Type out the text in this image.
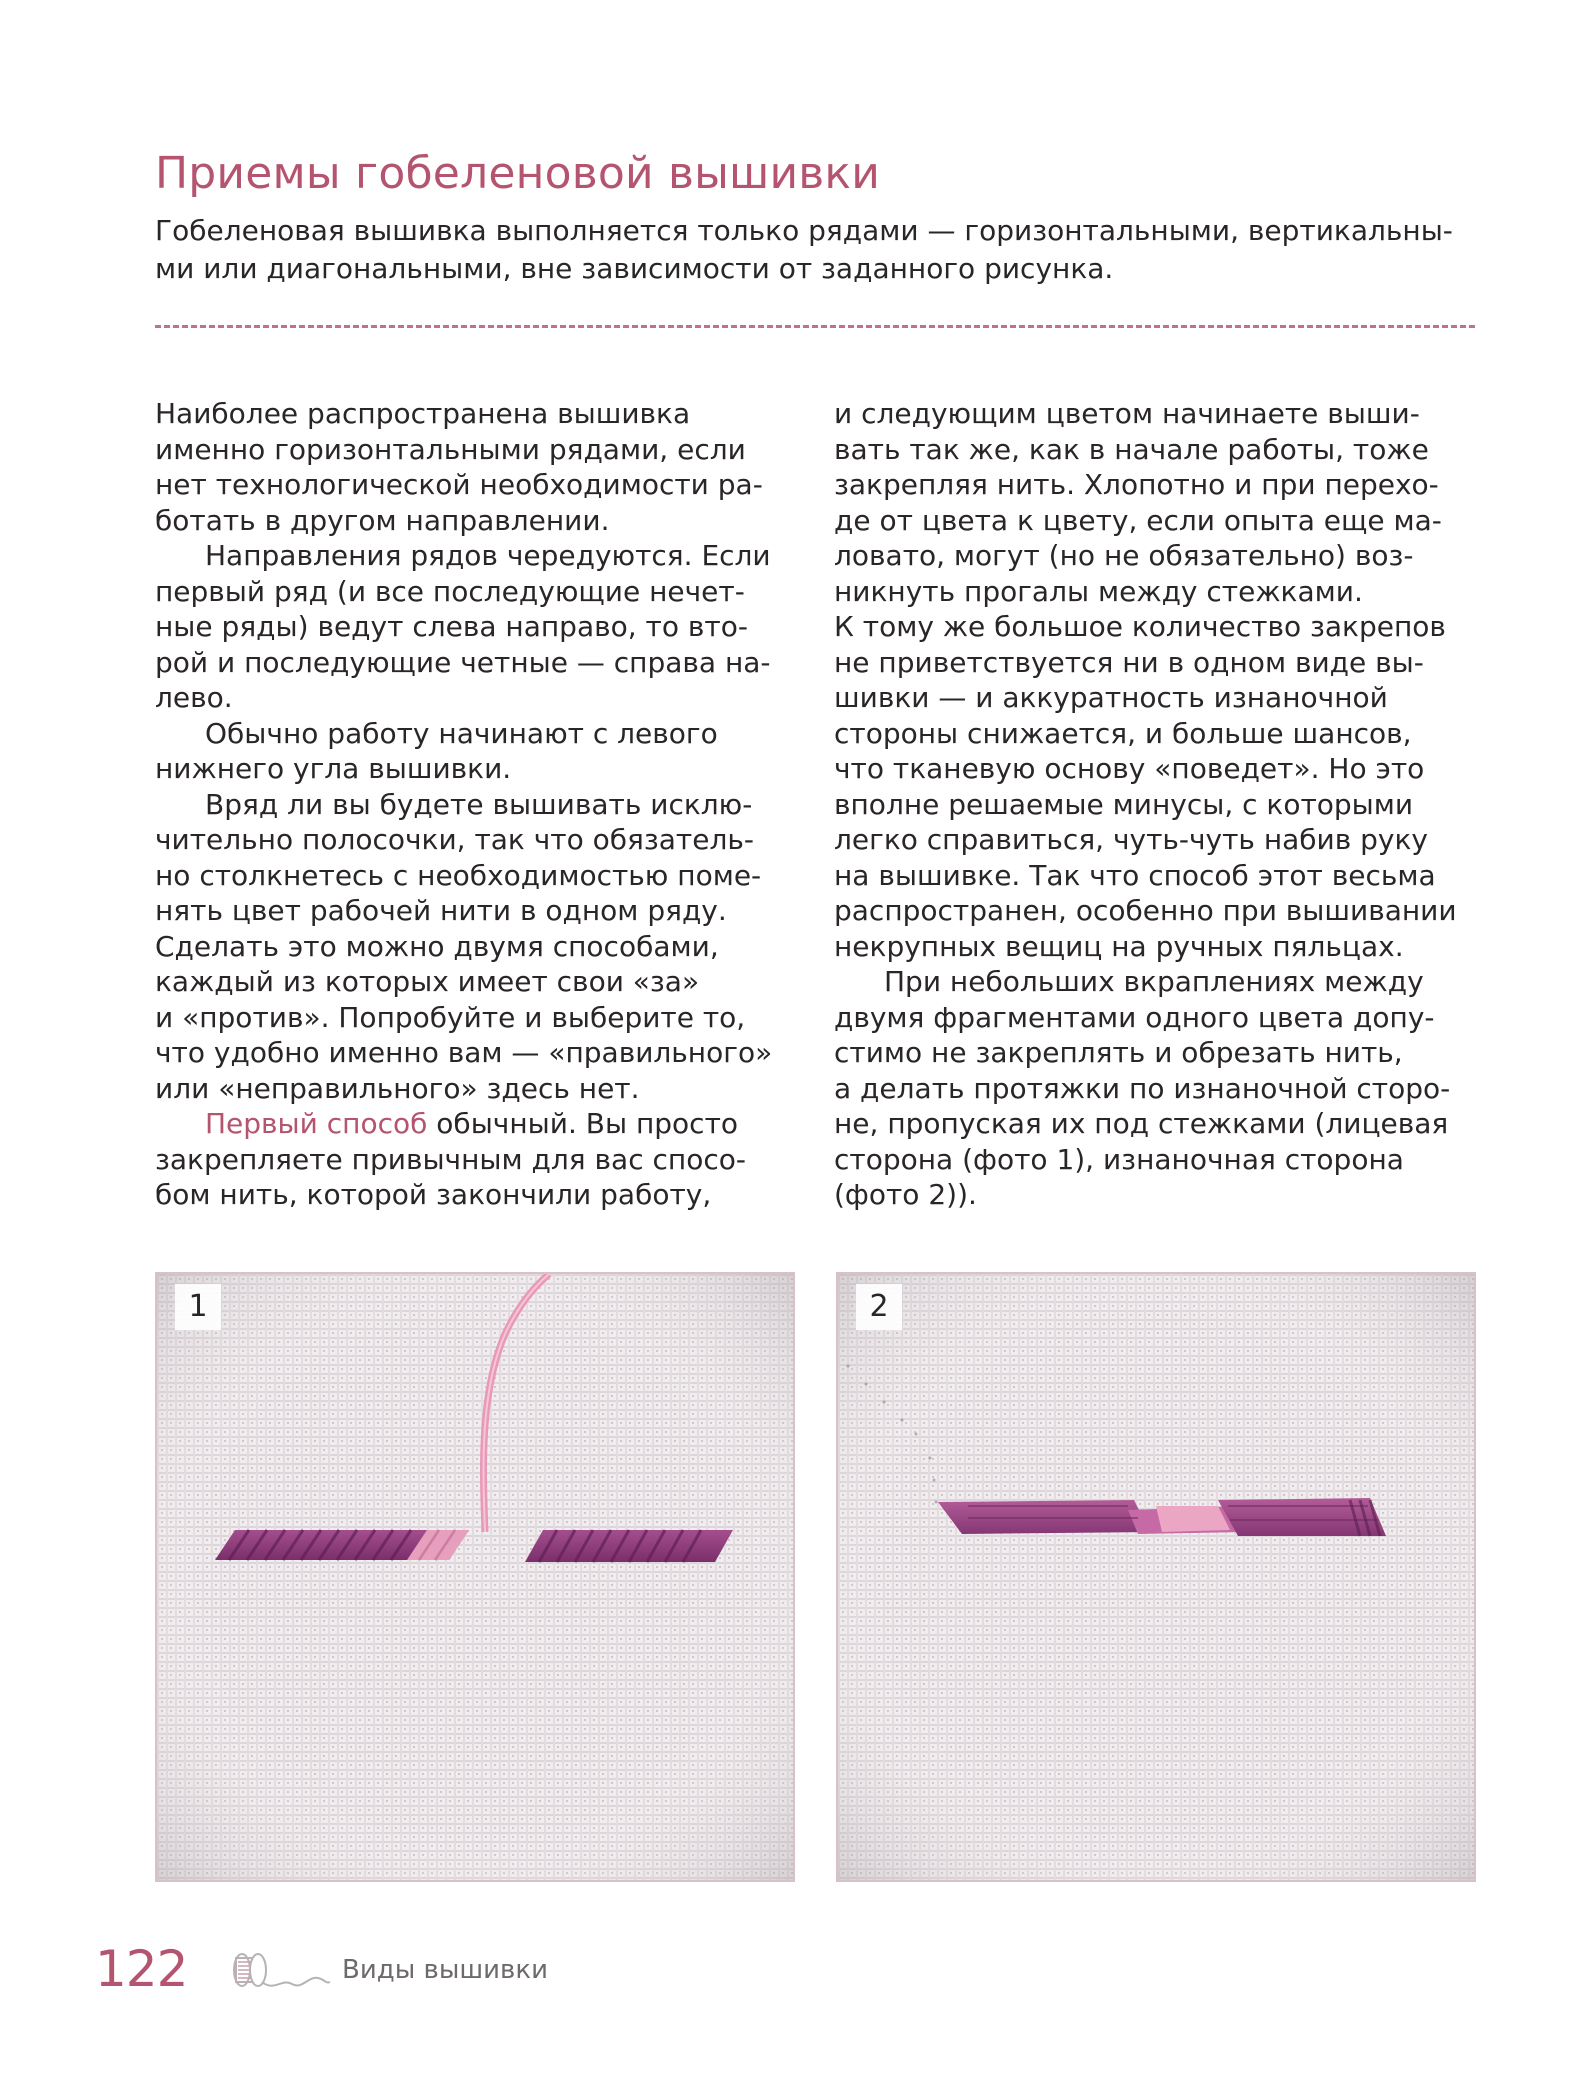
Приемы гобеленовой вышивки

Гобеленовая вышивка выполняется только рядами — горизонтальными, вертикальны-
ми или диагональными, вне зависимости от заданного рисунка.

Наиболее распространена вышивка
именно горизонтальными рядами, если
нет технологической необходимости ра-
ботать в другом направлении.
Направления рядов чередуются. Если
первый ряд (и все последующие нечет-
ные ряды) ведут слева направо, то вто-
рой и последующие четные — справа на-
лево.
Обычно работу начинают с левого
нижнего угла вышивки.
Вряд ли вы будете вышивать исклю-
чительно полосочки, так что обязатель-
но столкнетесь с необходимостью поме-
нять цвет рабочей нити в одном ряду.
Сделать это можно двумя способами,
каждый из которых имеет свои «за»
и «против». Попробуйте и выберите то,
что удобно именно вам — «правильного»
или «неправильного» здесь нет.
Первый способ обычный. Вы просто
закрепляете привычным для вас спосо-
бом нить, которой закончили работу,
и следующим цветом начинаете выши-
вать так же, как в начале работы, тоже
закрепляя нить. Хлопотно и при перехо-
де от цвета к цвету, если опыта еще ма-
ловато, могут (но не обязательно) воз-
никнуть прогалы между стежками.
К тому же большое количество закрепов
не приветствуется ни в одном виде вы-
шивки — и аккуратность изнаночной
стороны снижается, и больше шансов,
что тканевую основу «поведет». Но это
вполне решаемые минусы, с которыми
легко справиться, чуть-чуть набив руку
на вышивке. Так что способ этот весьма
распространен, особенно при вышивании
некрупных вещиц на ручных пяльцах.
При небольших вкраплениях между
двумя фрагментами одного цвета допу-
стимо не закреплять и обрезать нить,
а делать протяжки по изнаночной сторо-
не, пропуская их под стежками (лицевая
сторона (фото 1), изнаночная сторона
(фото 2)).
1	2
122	Виды вышивки
